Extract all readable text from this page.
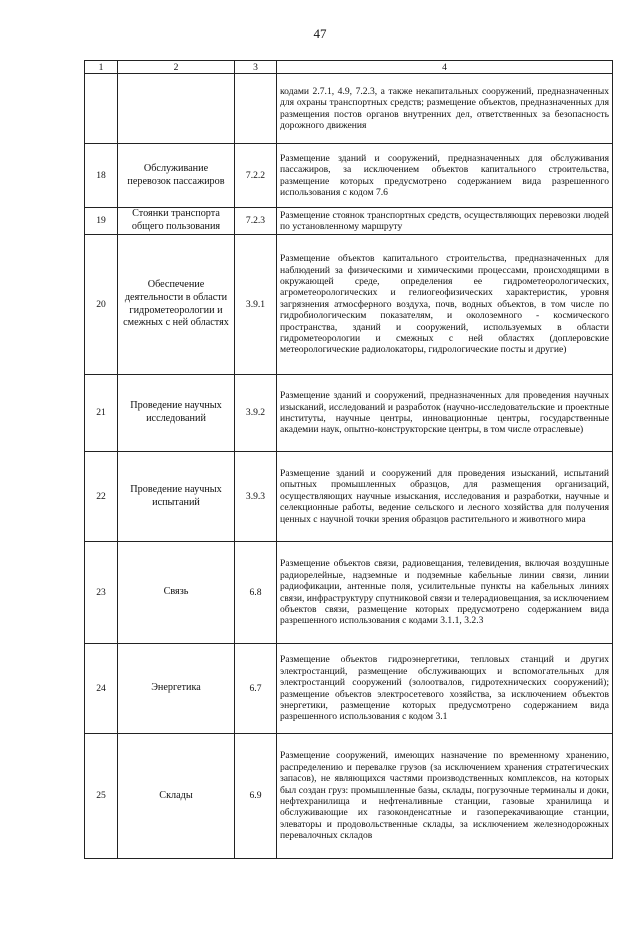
47
1	2	3	4
			кодами 2.7.1, 4.9, 7.2.3, а также некапитальных сооружений, предназначенных для охраны транспортных средств; размещение объектов, предназначенных для размещения постов органов внутренних дел, ответственных за безопасность дорожного движения
18	Обслуживание перевозок пассажиров	7.2.2	Размещение зданий и сооружений, предназначенных для обслуживания пассажиров, за исключением объектов капитального строительства, размещение которых предусмотрено содержанием вида разрешенного использования с кодом 7.6
19	Стоянки транспорта общего пользования	7.2.3	Размещение стоянок транспортных средств, осуществляющих перевозки людей по установленному маршруту
20	Обеспечение деятельности в области гидрометеорологии и смежных с ней областях	3.9.1	Размещение объектов капитального строительства, предназначенных для наблюдений за физическими и химическими процессами, происходящими в окружающей среде, определения ее гидрометеорологических, агрометеорологических и гелиогеофизических характеристик, уровня загрязнения атмосферного воздуха, почв, водных объектов, в том числе по гидробиологическим показателям, и околоземного - космического пространства, зданий и сооружений, используемых в области гидрометеорологии и смежных с ней областях (доплеровские метеорологические радиолокаторы, гидрологические посты и другие)
21	Проведение научных исследований	3.9.2	Размещение зданий и сооружений, предназначенных для проведения научных изысканий, исследований и разработок (научно-исследовательские и проектные институты, научные центры, инновационные центры, государственные академии наук, опытно-конструкторские центры, в том числе отраслевые)
22	Проведение научных испытаний	3.9.3	Размещение зданий и сооружений для проведения изысканий, испытаний опытных промышленных образцов, для размещения организаций, осуществляющих научные изыскания, исследования и разработки, научные и селекционные работы, ведение сельского и лесного хозяйства для получения ценных с научной точки зрения образцов растительного и животного мира
23	Связь	6.8	Размещение объектов связи, радиовещания, телевидения, включая воздушные радиорелейные, надземные и подземные кабельные линии связи, линии радиофикации, антенные поля, усилительные пункты на кабельных линиях связи, инфраструктуру спутниковой связи и телерадиовещания, за исключением объектов связи, размещение которых предусмотрено содержанием вида разрешенного использования с кодами 3.1.1, 3.2.3
24	Энергетика	6.7	Размещение объектов гидроэнергетики, тепловых станций и других электростанций, размещение обслуживающих и вспомогательных для электростанций сооружений (золоотвалов, гидротехнических сооружений); размещение объектов электросетевого хозяйства, за исключением объектов энергетики, размещение которых предусмотрено содержанием вида разрешенного использования с кодом 3.1
25	Склады	6.9	Размещение сооружений, имеющих назначение по временному хранению, распределению и перевалке грузов (за исключением хранения стратегических запасов), не являющихся частями производственных комплексов, на которых был создан груз: промышленные базы, склады, погрузочные терминалы и доки, нефтехранилища и нефтеналивные станции, газовые хранилища и обслуживающие их газоконденсатные и газоперекачивающие станции, элеваторы и продовольственные склады, за исключением железнодорожных перевалочных складов
